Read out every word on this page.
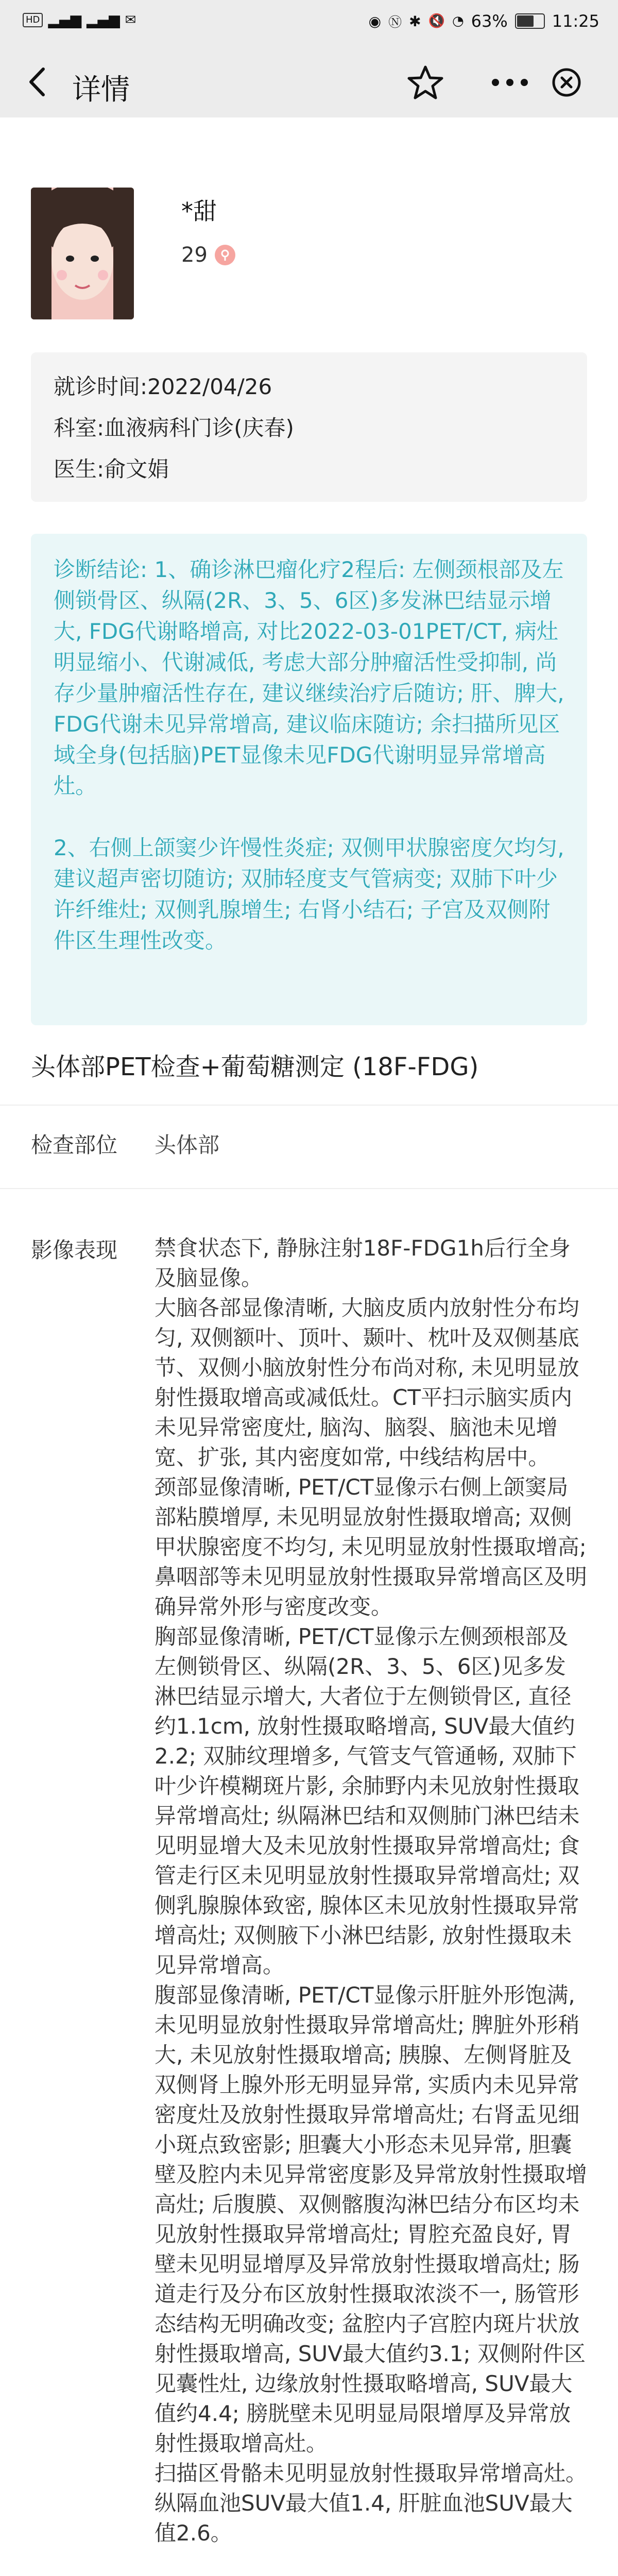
HD ▂▄▆ ▂▄▆ ✉	◉ Ⓝ ✱ 🔇 ◔ 63%	11:25
详情
*甜
29
就诊时间:2022/04/26
科室:血液病科门诊(庆春)
医生:俞文娟

诊断结论: 1、确诊淋巴瘤化疗2程后: 左侧颈根部及左侧锁骨区、纵隔(2R、3、5、6区)多发淋巴结显示增大, FDG代谢略增高, 对比2022-03-01PET/CT, 病灶明显缩小、代谢减低, 考虑大部分肿瘤活性受抑制, 尚存少量肿瘤活性存在, 建议继续治疗后随访; 肝、脾大, FDG代谢未见异常增高, 建议临床随访; 余扫描所见区域全身(包括脑)PET显像未见FDG代谢明显异常增高灶。

2、右侧上颌窦少许慢性炎症; 双侧甲状腺密度欠均匀, 建议超声密切随访; 双肺轻度支气管病变; 双肺下叶少许纤维灶; 双侧乳腺增生; 右肾小结石; 子宫及双侧附件区生理性改变。

头体部PET检查+葡萄糖测定 (18F-FDG)
检查部位 头体部
影像表现 禁食状态下, 静脉注射18F-FDG1h后行全身及脑显像。

大脑各部显像清晰, 大脑皮质内放射性分布均匀, 双侧额叶、顶叶、颞叶、枕叶及双侧基底节、双侧小脑放射性分布尚对称, 未见明显放射性摄取增高或减低灶。CT平扫示脑实质内未见异常密度灶, 脑沟、脑裂、脑池未见增宽、扩张, 其内密度如常, 中线结构居中。

颈部显像清晰, PET/CT显像示右侧上颌窦局部粘膜增厚, 未见明显放射性摄取增高; 双侧甲状腺密度不均匀, 未见明显放射性摄取增高; 鼻咽部等未见明显放射性摄取异常增高区及明确异常外形与密度改变。

胸部显像清晰, PET/CT显像示左侧颈根部及左侧锁骨区、纵隔(2R、3、5、6区)见多发淋巴结显示增大, 大者位于左侧锁骨区, 直径约1.1cm, 放射性摄取略增高, SUV最大值约2.2; 双肺纹理增多, 气管支气管通畅, 双肺下叶少许模糊斑片影, 余肺野内未见放射性摄取异常增高灶; 纵隔淋巴结和双侧肺门淋巴结未见明显增大及未见放射性摄取异常增高灶; 食管走行区未见明显放射性摄取异常增高灶; 双侧乳腺腺体致密, 腺体区未见放射性摄取异常增高灶; 双侧腋下小淋巴结影, 放射性摄取未见异常增高。

腹部显像清晰, PET/CT显像示肝脏外形饱满, 未见明显放射性摄取异常增高灶; 脾脏外形稍大, 未见放射性摄取增高; 胰腺、左侧肾脏及双侧肾上腺外形无明显异常, 实质内未见异常密度灶及放射性摄取异常增高灶; 右肾盂见细小斑点致密影; 胆囊大小形态未见异常, 胆囊壁及腔内未见异常密度影及异常放射性摄取增高灶; 后腹膜、双侧髂腹沟淋巴结分布区均未见放射性摄取异常增高灶; 胃腔充盈良好, 胃壁未见明显增厚及异常放射性摄取增高灶; 肠道走行及分布区放射性摄取浓淡不一, 肠管形态结构无明确改变; 盆腔内子宫腔内斑片状放射性摄取增高, SUV最大值约3.1; 双侧附件区见囊性灶, 边缘放射性摄取略增高, SUV最大值约4.4; 膀胱壁未见明显局限增厚及异常放射性摄取增高灶。

扫描区骨骼未见明显放射性摄取异常增高灶。

纵隔血池SUV最大值1.4, 肝脏血池SUV最大值2.6。
